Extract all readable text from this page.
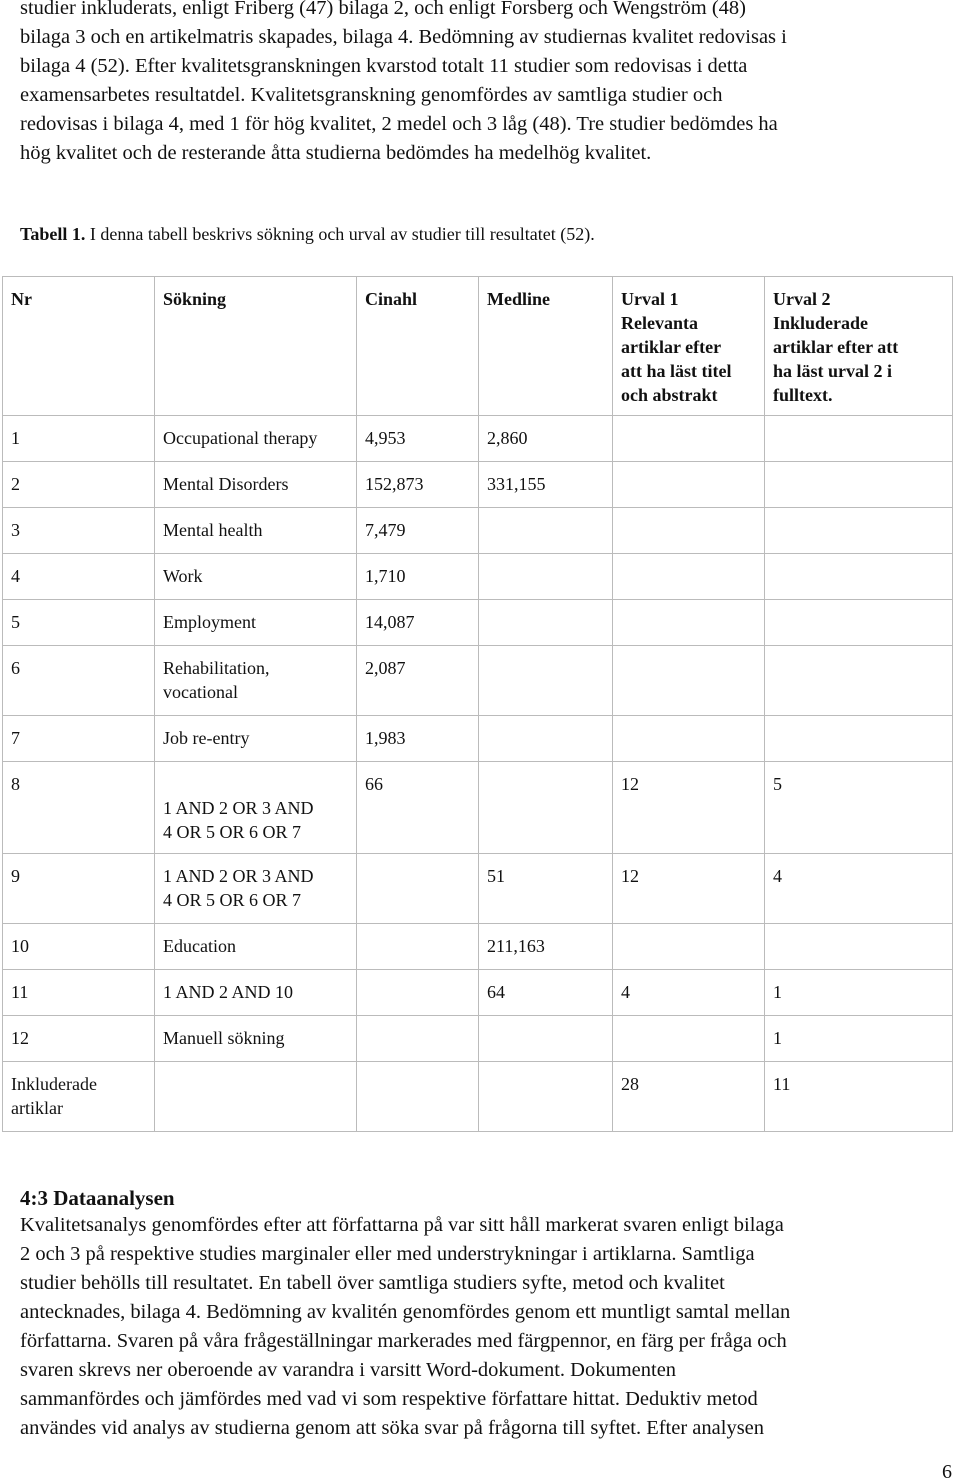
studier inkluderats, enligt Friberg (47) bilaga 2, och enligt Forsberg och Wengström (48)
bilaga 3 och en artikelmatris skapades, bilaga 4. Bedömning av studiernas kvalitet redovisas i
bilaga 4 (52). Efter kvalitetsgranskningen kvarstod totalt 11 studier som redovisas i detta
examensarbetes resultatdel. Kvalitetsgranskning genomfördes av samtliga studier och
redovisas i bilaga 4, med 1 för hög kvalitet, 2 medel och 3 låg (48). Tre studier bedömdes ha
hög kvalitet och de resterande åtta studierna bedömdes ha medelhög kvalitet.

Tabell 1. I denna tabell beskrivs sökning och urval av studier till resultatet (52).

Nr	Sökning	Cinahl	Medline	Urval 1
Relevanta
artiklar efter
att ha läst titel
och abstrakt	Urval 2
Inkluderade
artiklar efter att
ha läst urval 2 i
fulltext.

1	Occupational therapy	4,953	2,860		
2	Mental Disorders	152,873	331,155		
3	Mental health	7,479			
4	Work	1,710			
5	Employment	14,087			
6	Rehabilitation,
vocational	2,087			
7	Job re-entry	1,983			
8	1 AND 2 OR 3 AND
4 OR 5 OR 6 OR 7	66		12	5
9	1 AND 2 OR 3 AND
4 OR 5 OR 6 OR 7		51	12	4
10	Education		211,163		
11	1 AND 2 AND 10		64	4	1
12	Manuell sökning				1
Inkluderade artiklar				28	11
4:3 Dataanalysen
Kvalitetsanalys genomfördes efter att författarna på var sitt håll markerat svaren enligt bilaga
2 och 3 på respektive studies marginaler eller med understrykningar i artiklarna. Samtliga
studier behölls till resultatet. En tabell över samtliga studiers syfte, metod och kvalitet
antecknades, bilaga 4. Bedömning av kvalitén genomfördes genom ett muntligt samtal mellan
författarna. Svaren på våra frågeställningar markerades med färgpennor, en färg per fråga och
svaren skrevs ner oberoende av varandra i varsitt Word-dokument. Dokumenten
sammanfördes och jämfördes med vad vi som respektive författare hittat. Deduktiv metod
användes vid analys av studierna genom att söka svar på frågorna till syftet. Efter analysen
6
